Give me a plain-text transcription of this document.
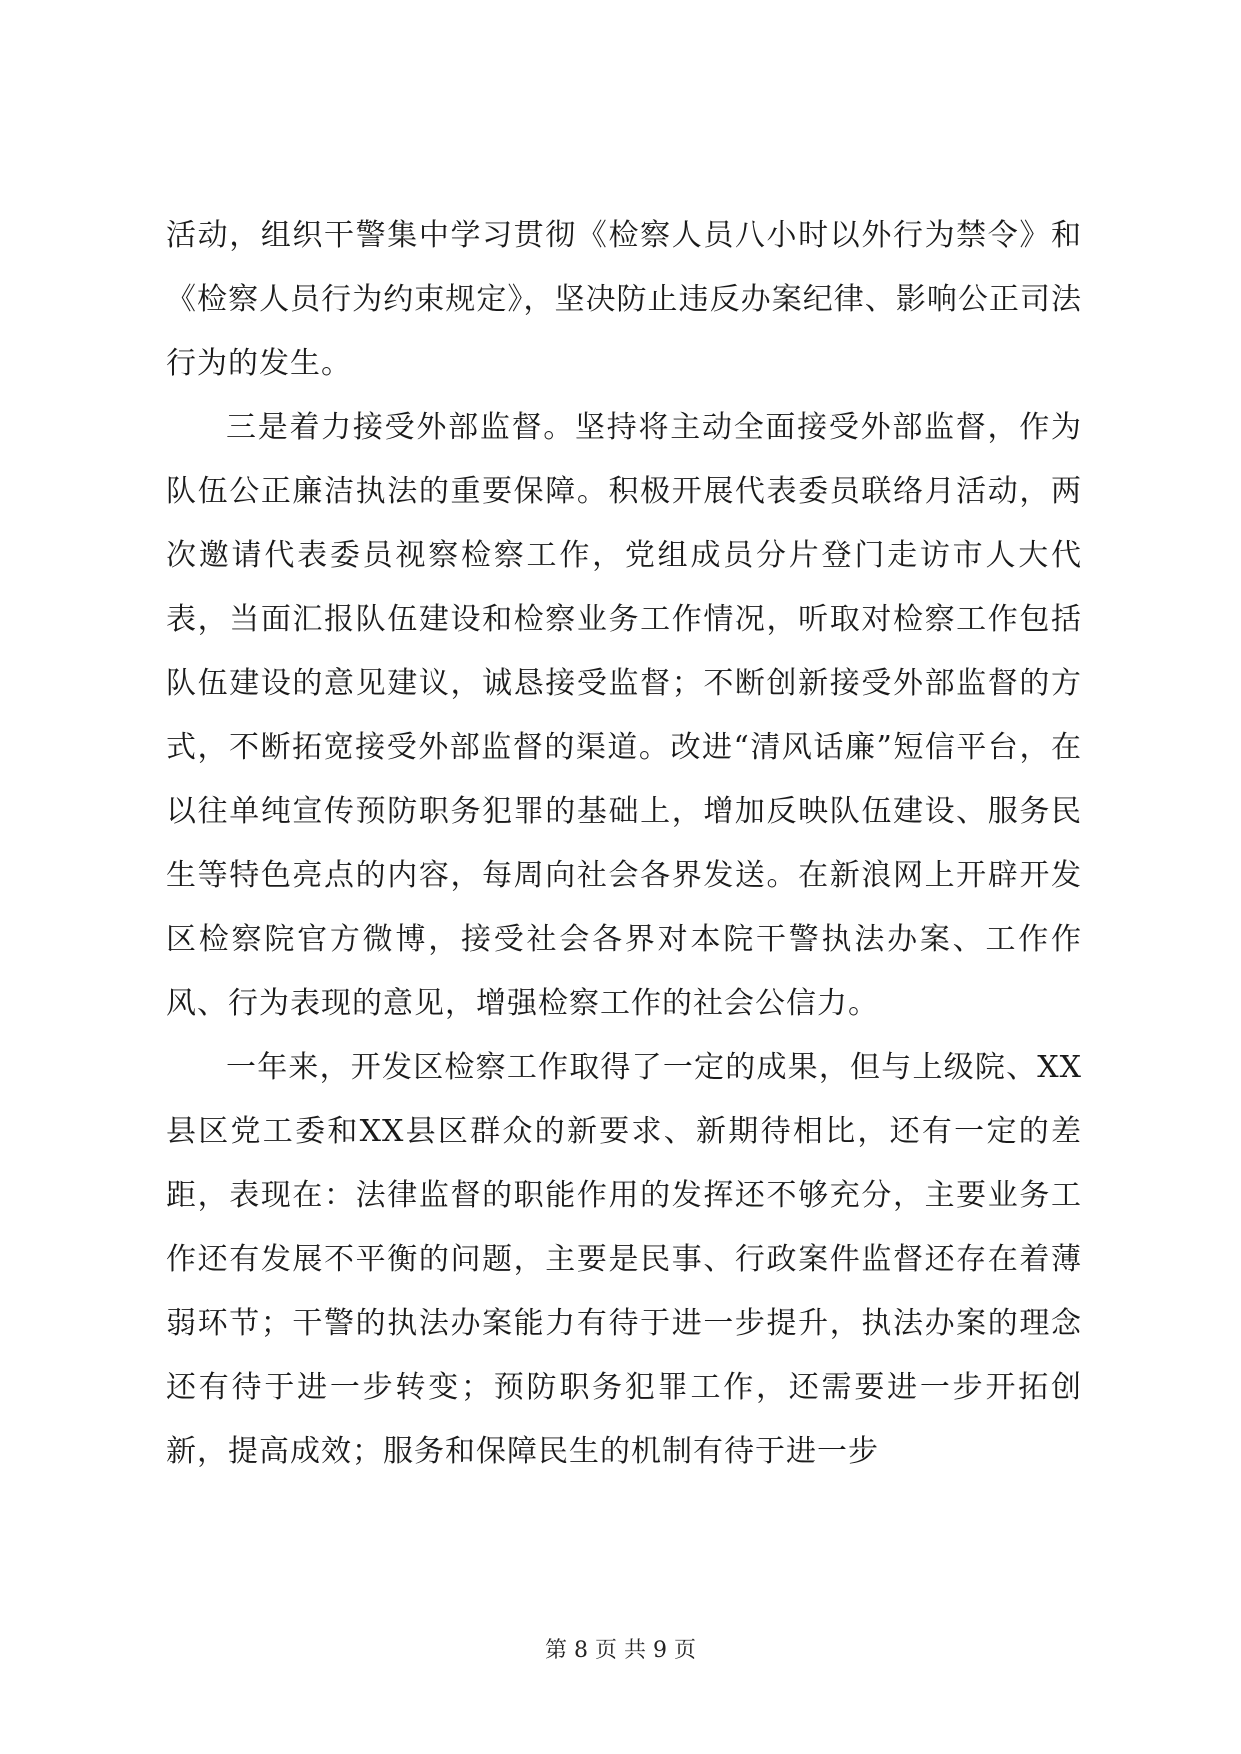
活动，组织干警集中学习贯彻《检察人员八小时以外行为禁令》和《检察人员行为约束规定》，坚决防止违反办案纪律、影响公正司法行为的发生。

三是着力接受外部监督。坚持将主动全面接受外部监督，作为队伍公正廉洁执法的重要保障。积极开展代表委员联络月活动，两次邀请代表委员视察检察工作，党组成员分片登门走访市人大代表，当面汇报队伍建设和检察业务工作情况，听取对检察工作包括队伍建设的意见建议，诚恳接受监督；不断创新接受外部监督的方式，不断拓宽接受外部监督的渠道。改进“清风话廉”短信平台，在以往单纯宣传预防职务犯罪的基础上，增加反映队伍建设、服务民生等特色亮点的内容，每周向社会各界发送。在新浪网上开辟开发区检察院官方微博，接受社会各界对本院干警执法办案、工作作风、行为表现的意见，增强检察工作的社会公信力。

一年来，开发区检察工作取得了一定的成果，但与上级院、XX县区党工委和XX县区群众的新要求、新期待相比，还有一定的差距，表现在：法律监督的职能作用的发挥还不够充分，主要业务工作还有发展不平衡的问题，主要是民事、行政案件监督还存在着薄弱环节；干警的执法办案能力有待于进一步提升，执法办案的理念还有待于进一步转变；预防职务犯罪工作，还需要进一步开拓创新，提高成效；服务和保障民生的机制有待于进一步

第 8 页 共 9 页
